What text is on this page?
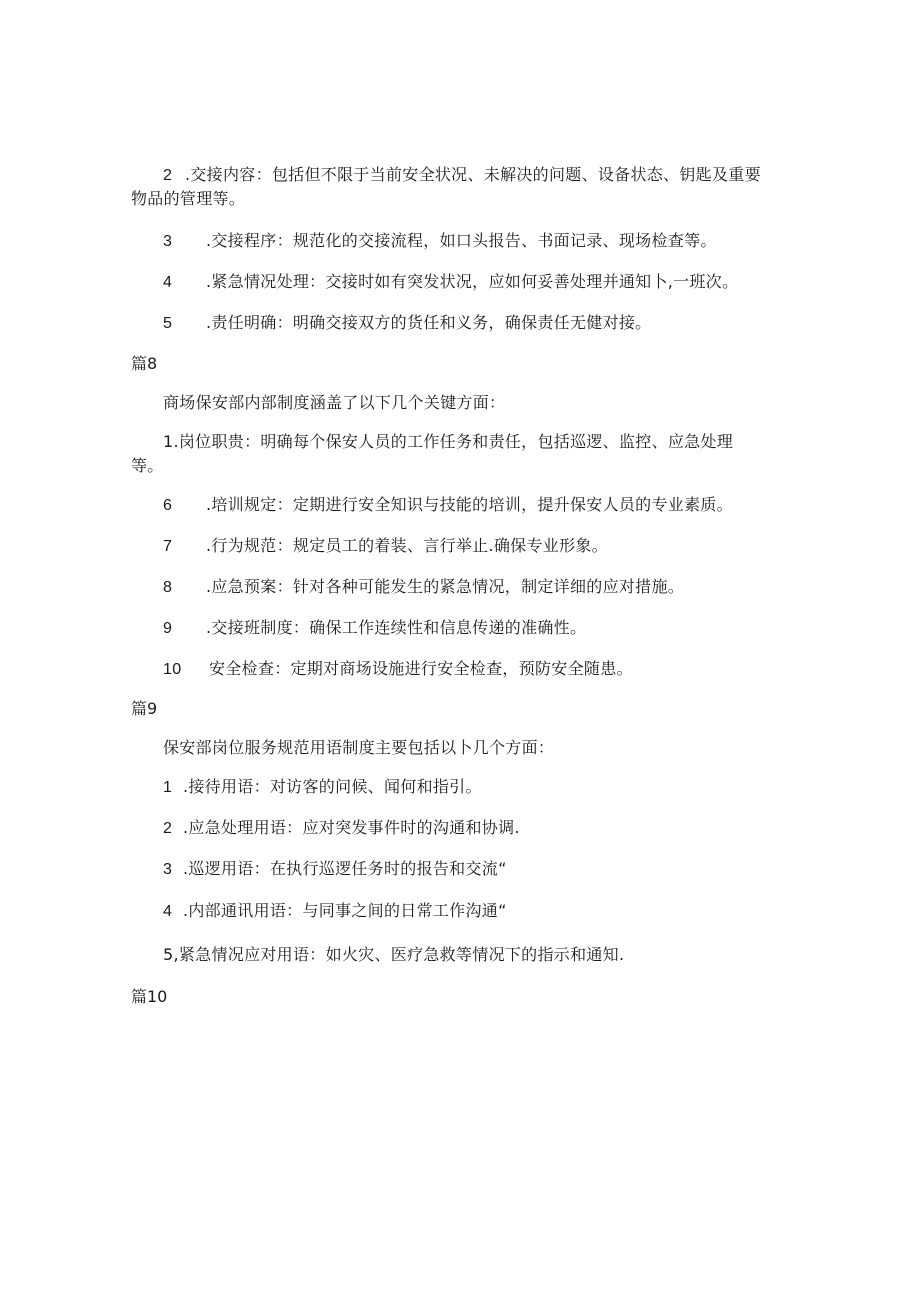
2 .交接内容：包括但不限于当前安全状况、未解决的问题、设备状态、钥匙及重要
物品的管理等。
3 .交接程序：规范化的交接流程，如口头报告、书面记录、现场检查等。
4 .紧急情况处理：交接时如有突发状况，应如何妥善处理并通知卜,一班次。
5 .责任明确：明确交接双方的货任和义务，确保责任无健对接。
篇8
商场保安部内部制度涵盖了以下几个关键方面：
1.岗位职贵：明确每个保安人员的工作任务和责任，包括巡逻、监控、应急处理
等。
6 .培训规定：定期进行安全知识与技能的培训，提升保安人员的专业素质。
7 .行为规范：规定员工的着装、言行举止.确保专业形象。
8 .应急预案：针对各种可能发生的紧急情况，制定详细的应对措施。
9 .交接班制度：确保工作连续性和信息传递的准确性。
10 安全检查：定期对商场设施进行安全检查，预防安全随患。
篇9
保安部岗位服务规范用语制度主要包括以卜几个方面：
1 .接待用语：对访客的问候、闻何和指引。
2 .应急处理用语：应对突发事件时的沟通和协调.
3 .巡逻用语：在执行巡逻任务时的报告和交流“
4 .内部通讯用语：与同事之间的日常工作沟通“
5,紧急情况应对用语：如火灾、医疗急救等情况下的指示和通知.
篇10
